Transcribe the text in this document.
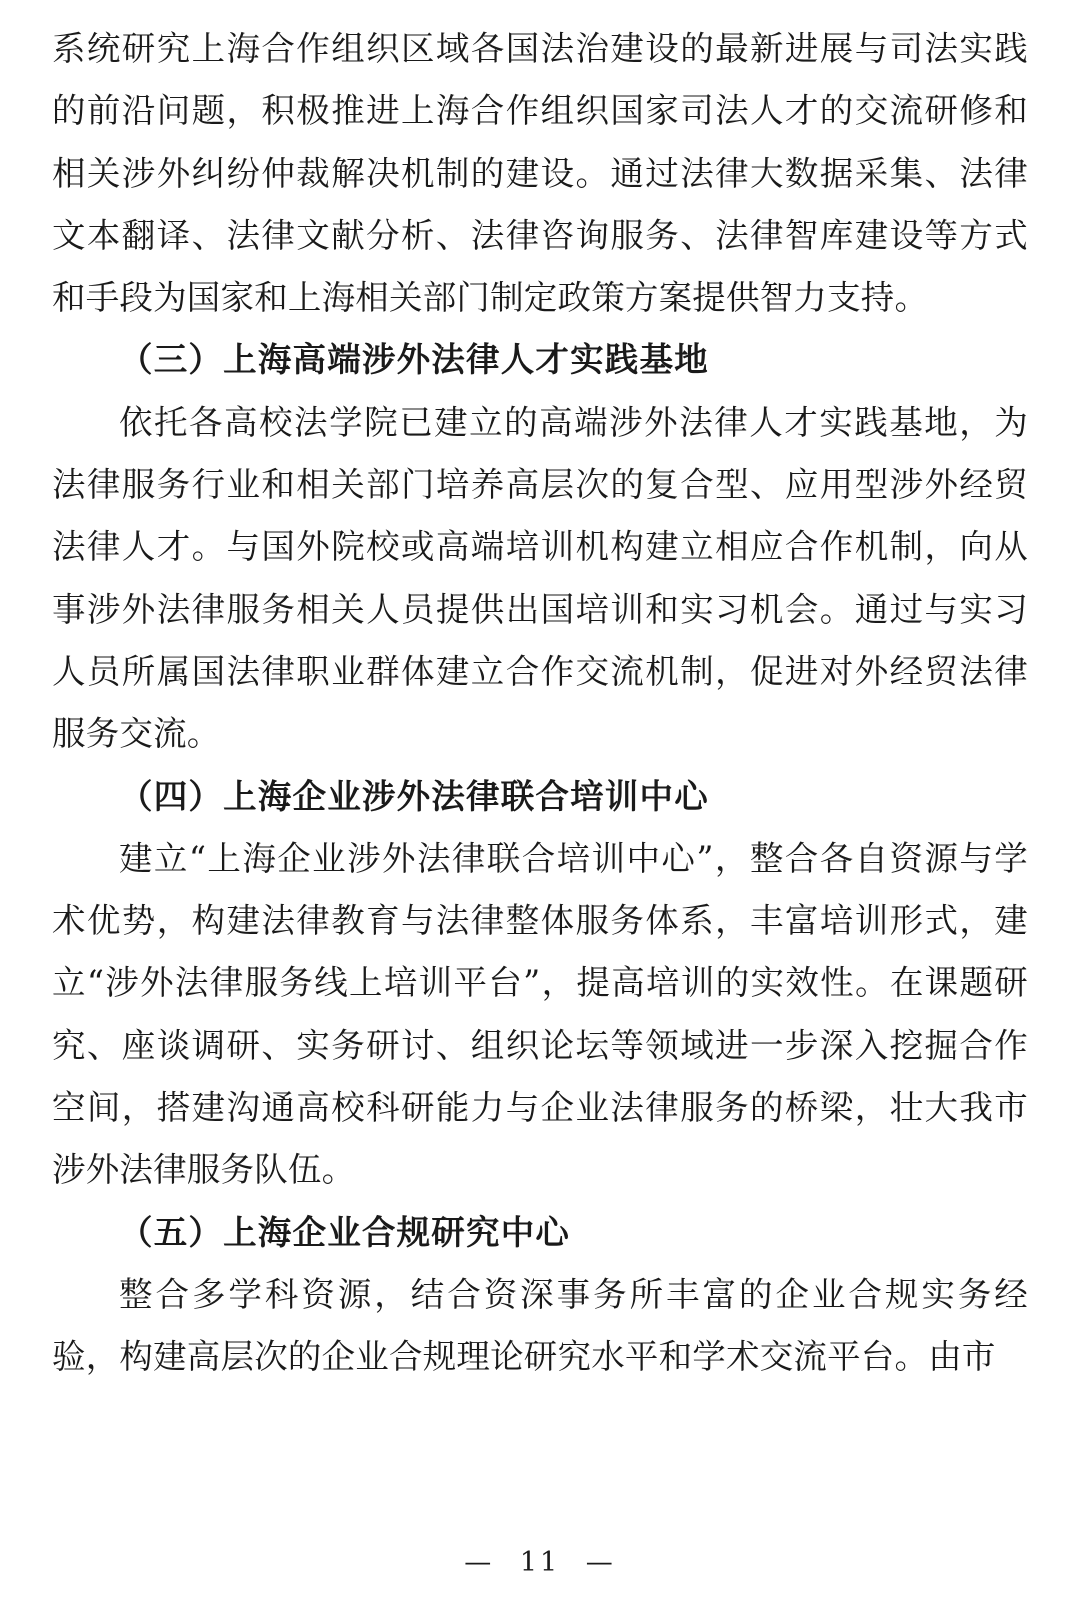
系统研究上海合作组织区域各国法治建设的最新进展与司法实践的前沿问题，积极推进上海合作组织国家司法人才的交流研修和相关涉外纠纷仲裁解决机制的建设。通过法律大数据采集、法律文本翻译、法律文献分析、法律咨询服务、法律智库建设等方式和手段为国家和上海相关部门制定政策方案提供智力支持。

（三）上海高端涉外法律人才实践基地

依托各高校法学院已建立的高端涉外法律人才实践基地，为法律服务行业和相关部门培养高层次的复合型、应用型涉外经贸法律人才。与国外院校或高端培训机构建立相应合作机制，向从事涉外法律服务相关人员提供出国培训和实习机会。通过与实习人员所属国法律职业群体建立合作交流机制，促进对外经贸法律服务交流。

（四）上海企业涉外法律联合培训中心

建立“上海企业涉外法律联合培训中心”，整合各自资源与学术优势，构建法律教育与法律整体服务体系，丰富培训形式，建立“涉外法律服务线上培训平台”，提高培训的实效性。在课题研究、座谈调研、实务研讨、组织论坛等领域进一步深入挖掘合作空间，搭建沟通高校科研能力与企业法律服务的桥梁，壮大我市涉外法律服务队伍。

（五）上海企业合规研究中心

整合多学科资源，结合资深事务所丰富的企业合规实务经验，构建高层次的企业合规理论研究水平和学术交流平台。由市

— 11 —
